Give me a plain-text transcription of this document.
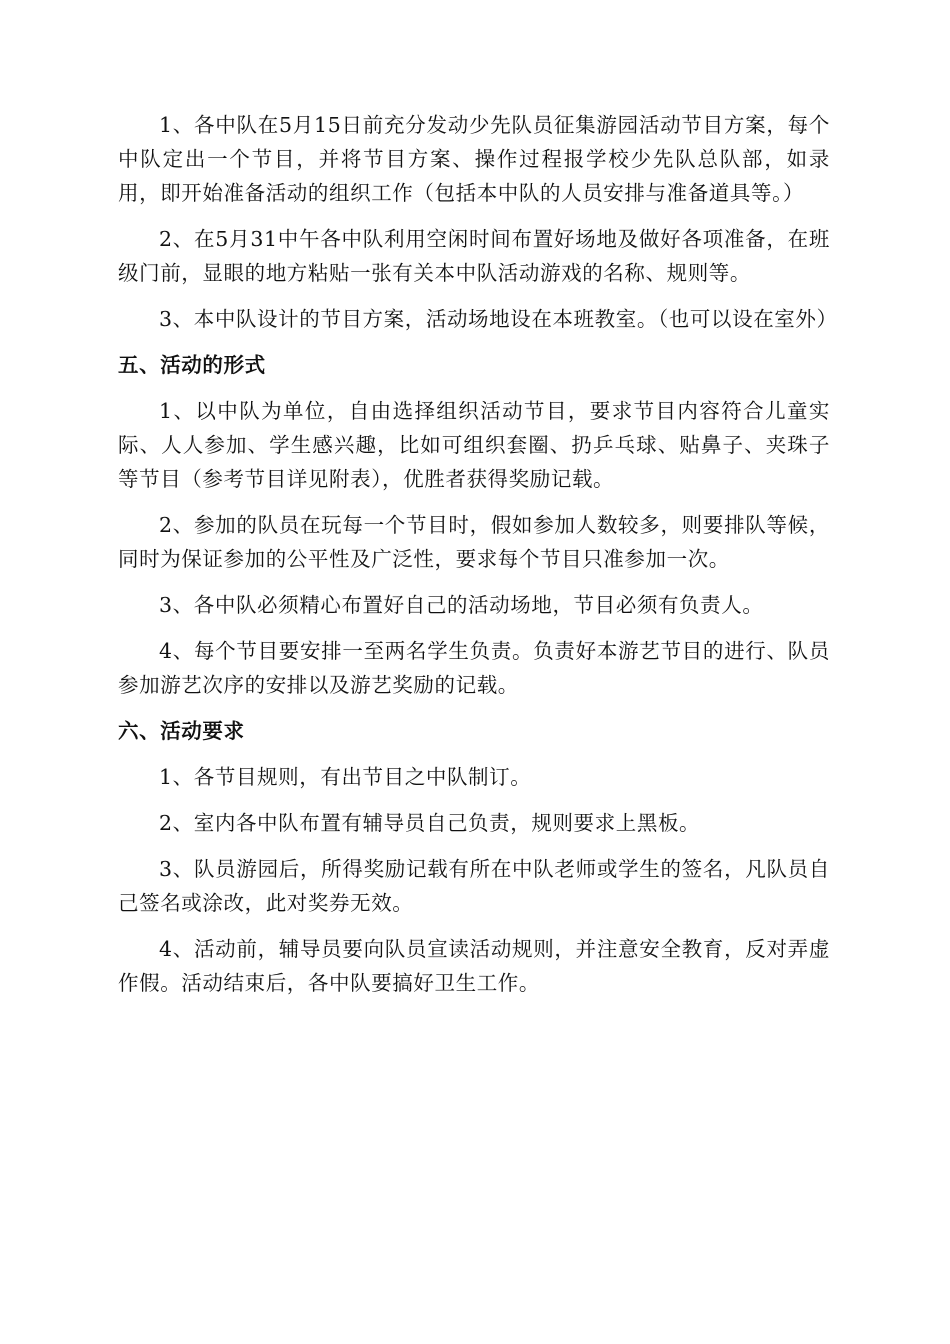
1、各中队在5月15日前充分发动少先队员征集游园活动节目方案，每个中队定出一个节目，并将节目方案、操作过程报学校少先队总队部，如录用，即开始准备活动的组织工作（包括本中队的人员安排与准备道具等。）

2、在5月31中午各中队利用空闲时间布置好场地及做好各项准备，在班级门前，显眼的地方粘贴一张有关本中队活动游戏的名称、规则等。

3、本中队设计的节目方案，活动场地设在本班教室。（也可以设在室外）

五、活动的形式

1、以中队为单位，自由选择组织活动节目，要求节目内容符合儿童实际、人人参加、学生感兴趣，比如可组织套圈、扔乒乓球、贴鼻子、夹珠子等节目（参考节目详见附表），优胜者获得奖励记载。

2、参加的队员在玩每一个节目时，假如参加人数较多，则要排队等候，同时为保证参加的公平性及广泛性，要求每个节目只准参加一次。

3、各中队必须精心布置好自己的活动场地，节目必须有负责人。

4、每个节目要安排一至两名学生负责。负责好本游艺节目的进行、队员参加游艺次序的安排以及游艺奖励的记载。

六、活动要求

1、各节目规则，有出节目之中队制订。

2、室内各中队布置有辅导员自己负责，规则要求上黑板。

3、队员游园后，所得奖励记载有所在中队老师或学生的签名，凡队员自己签名或涂改，此对奖券无效。

4、活动前，辅导员要向队员宣读活动规则，并注意安全教育，反对弄虚作假。活动结束后，各中队要搞好卫生工作。
